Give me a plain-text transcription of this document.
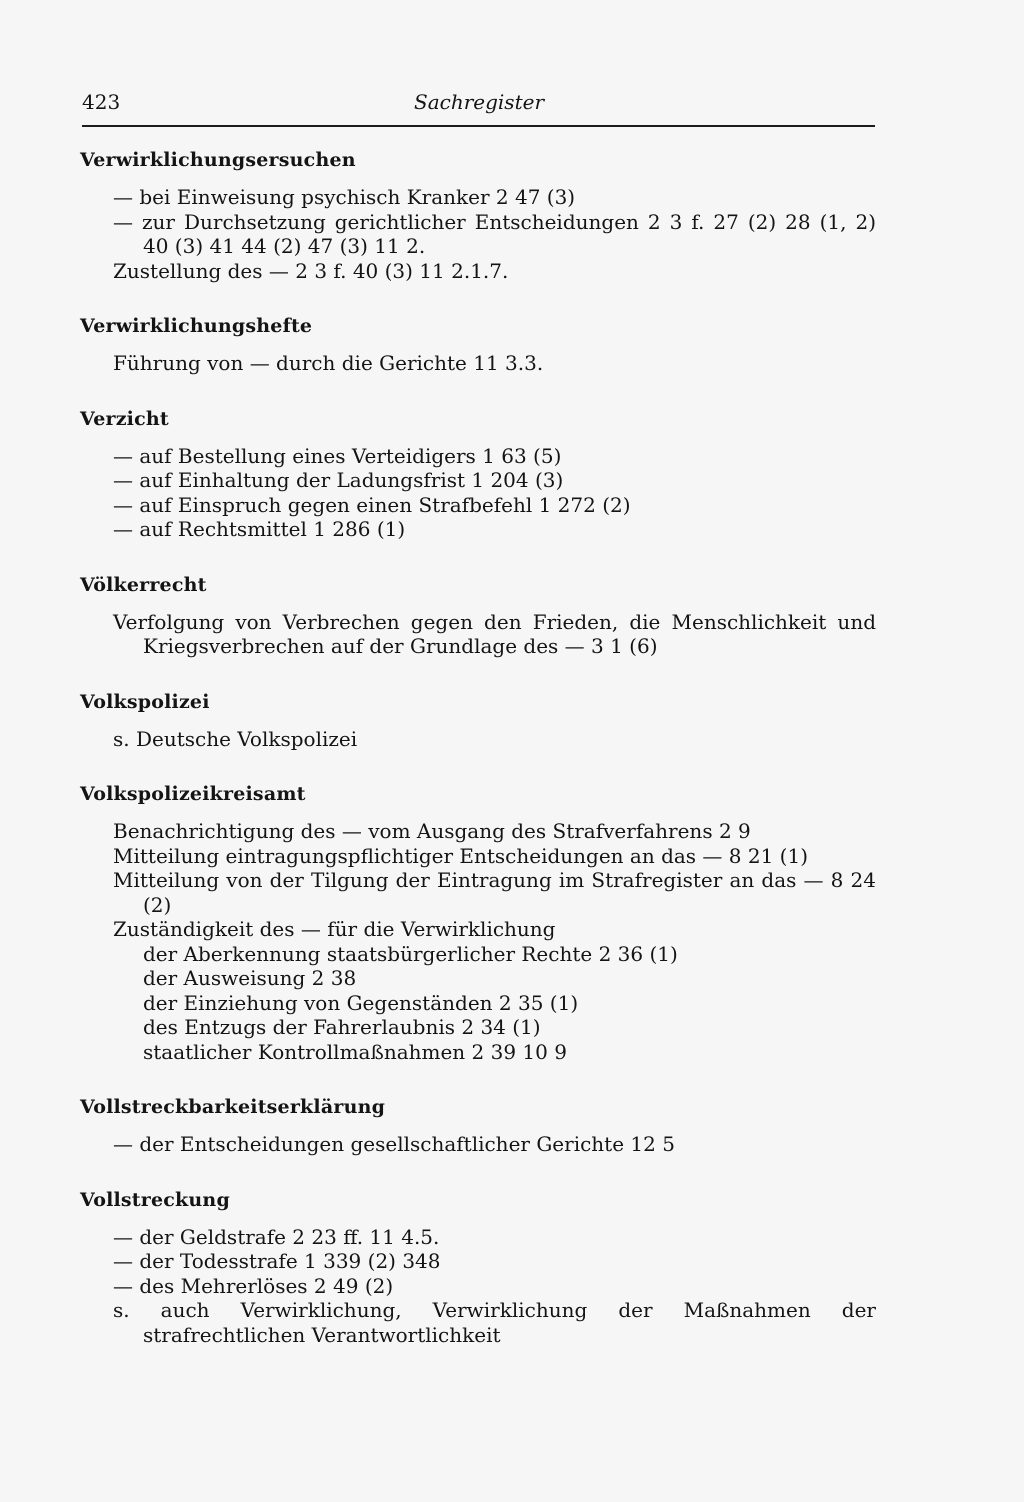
423	Sachregister
Verwirklichungsersuchen
— bei Einweisung psychisch Kranker 2 47 (3)
— zur Durchsetzung gerichtlicher Entscheidungen 2 3 f. 27 (2) 28 (1, 2) 40 (3) 41 44 (2) 47 (3) 11 2.
Zustellung des — 2 3 f. 40 (3) 11 2.1.7.
Verwirklichungshefte
Führung von — durch die Gerichte 11 3.3.
Verzicht
— auf Bestellung eines Verteidigers 1 63 (5)
— auf Einhaltung der Ladungsfrist 1 204 (3)
— auf Einspruch gegen einen Strafbefehl 1 272 (2)
— auf Rechtsmittel 1 286 (1)
Völkerrecht
Verfolgung von Verbrechen gegen den Frieden, die Menschlichkeit und Kriegsverbrechen auf der Grundlage des — 3 1 (6)
Volkspolizei
s. Deutsche Volkspolizei
Volkspolizeikreisamt
Benachrichtigung des — vom Ausgang des Strafverfahrens 2 9
Mitteilung eintragungspflichtiger Entscheidungen an das — 8 21 (1)
Mitteilung von der Tilgung der Eintragung im Strafregister an das — 8 24 (2)
Zuständigkeit des — für die Verwirklichung
der Aberkennung staatsbürgerlicher Rechte 2 36 (1)
der Ausweisung 2 38
der Einziehung von Gegenständen 2 35 (1)
des Entzugs der Fahrerlaubnis 2 34 (1)
staatlicher Kontrollmaßnahmen 2 39 10 9
Vollstreckbarkeitserklärung
— der Entscheidungen gesellschaftlicher Gerichte 12 5
Vollstreckung
— der Geldstrafe 2 23 ff. 11 4.5.
— der Todesstrafe 1 339 (2) 348
— des Mehrerlöses 2 49 (2)
s. auch Verwirklichung, Verwirklichung der Maßnahmen der strafrechtlichen Verantwortlichkeit
